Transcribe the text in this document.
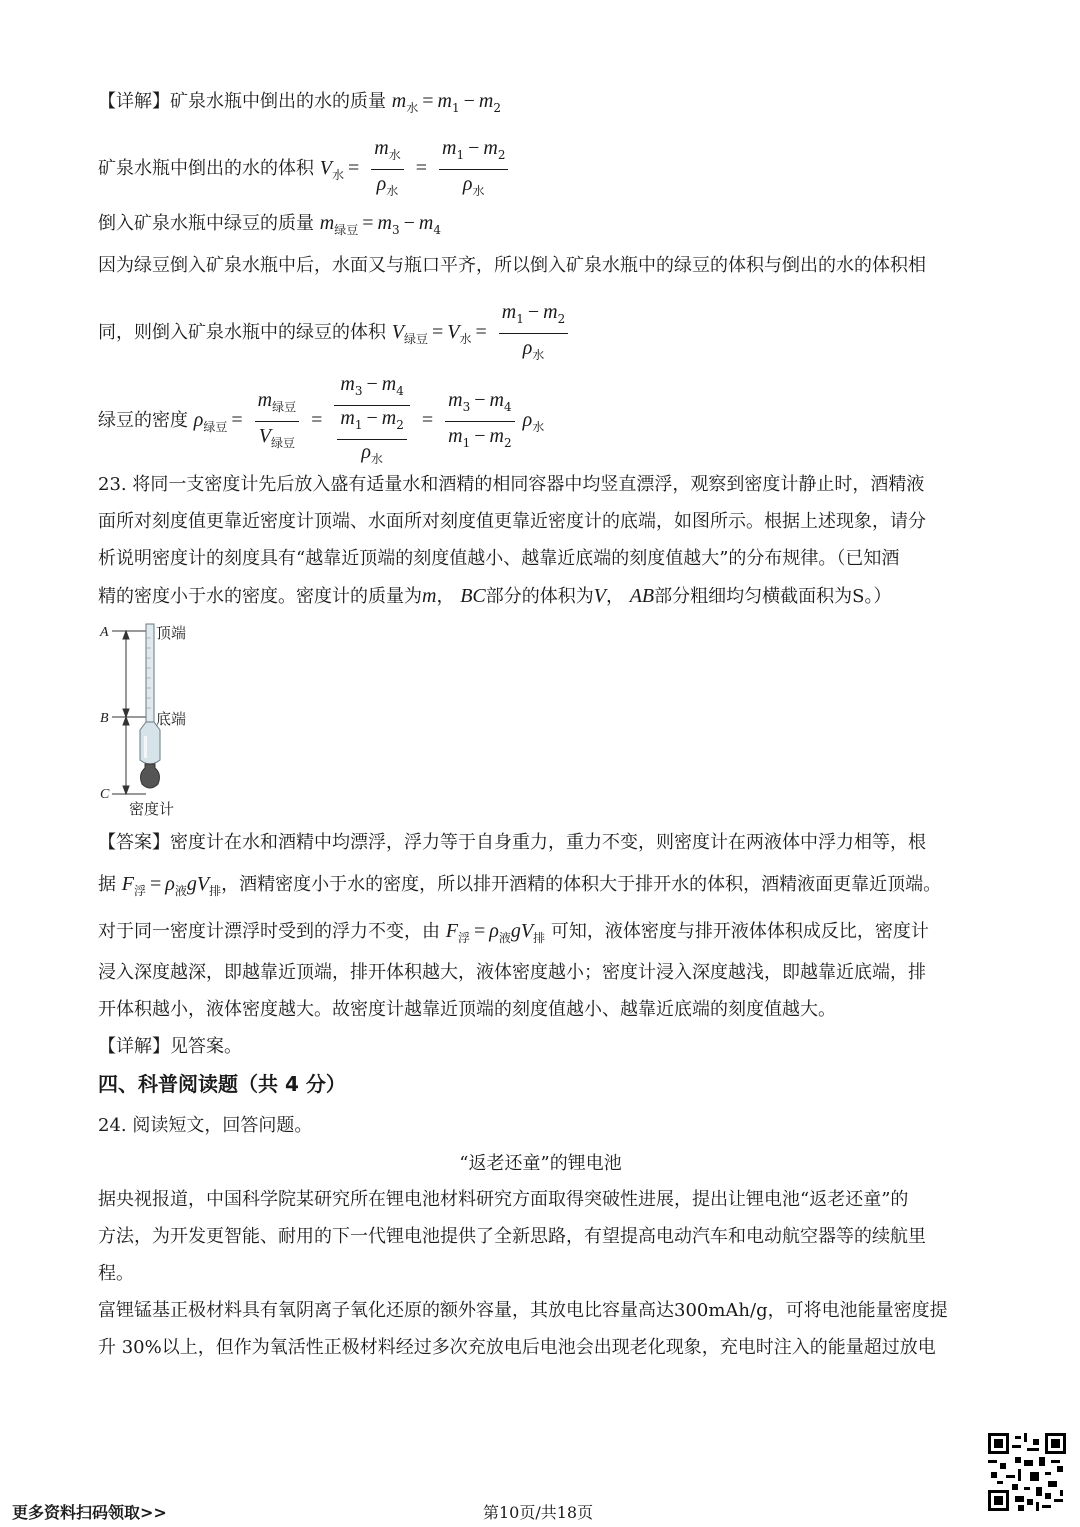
【详解】矿泉水瓶中倒出的水的质量 $m_水 = m_1 - m_2$
矿泉水瓶中倒出的水的体积 $V_水 = \frac{m_水}{\rho_水} = \frac{m_1 - m_2}{\rho_水}$
倒入矿泉水瓶中绿豆的质量 $m_{绿豆} = m_3 - m_4$
因为绿豆倒入矿泉水瓶中后，水面又与瓶口平齐，所以倒入矿泉水瓶中的绿豆的体积与倒出的水的体积相
同，则倒入矿泉水瓶中的绿豆的体积 $V_{绿豆} = V_水 = \frac{m_1 - m_2}{\rho_水}$
绿豆的密度 $\rho_{绿豆} = \frac{m_{绿豆}}{V_{绿豆}} = \frac{m_3 - m_4}{\frac{m_1 - m_2}{\rho_水}} = \frac{m_3 - m_4}{m_1 - m_2} \rho_水$
23. 将同一支密度计先后放入盛有适量水和酒精的相同容器中均竖直漂浮，观察到密度计静止时，酒精液
面所对刻度值更靠近密度计顶端、水面所对刻度值更靠近密度计的底端，如图所示。根据上述现象，请分
析说明密度计的刻度具有“越靠近顶端的刻度值越小、越靠近底端的刻度值越大”的分布规律。（已知酒
精的密度小于水的密度。密度计的质量为m， BC部分的体积为V， AB部分粗细均匀横截面积为S。）
A
B
C
顶端
底端
密度计
【答案】密度计在水和酒精中均漂浮，浮力等于自身重力，重力不变，则密度计在两液体中浮力相等，根
据 $F_浮 = \rho_液gV_排$，酒精密度小于水的密度，所以排开酒精的体积大于排开水的体积，酒精液面更靠近顶端。
对于同一密度计漂浮时受到的浮力不变，由 $F_浮 = \rho_液gV_排$ 可知，液体密度与排开液体体积成反比，密度计
浸入深度越深，即越靠近顶端，排开体积越大，液体密度越小；密度计浸入深度越浅，即越靠近底端，排
开体积越小，液体密度越大。故密度计越靠近顶端的刻度值越小、越靠近底端的刻度值越大。
【详解】见答案。
四、科普阅读题（共 4 分）
24. 阅读短文，回答问题。
“返老还童”的锂电池
据央视报道，中国科学院某研究所在锂电池材料研究方面取得突破性进展，提出让锂电池“返老还童”的
方法，为开发更智能、耐用的下一代锂电池提供了全新思路，有望提高电动汽车和电动航空器等的续航里
程。
富锂锰基正极材料具有氧阴离子氧化还原的额外容量，其放电比容量高达300mAh/g，可将电池能量密度提
升 30%以上，但作为氧活性正极材料经过多次充放电后电池会出现老化现象，充电时注入的能量超过放电
更多资料扫码领取>>	第10页/共18页
